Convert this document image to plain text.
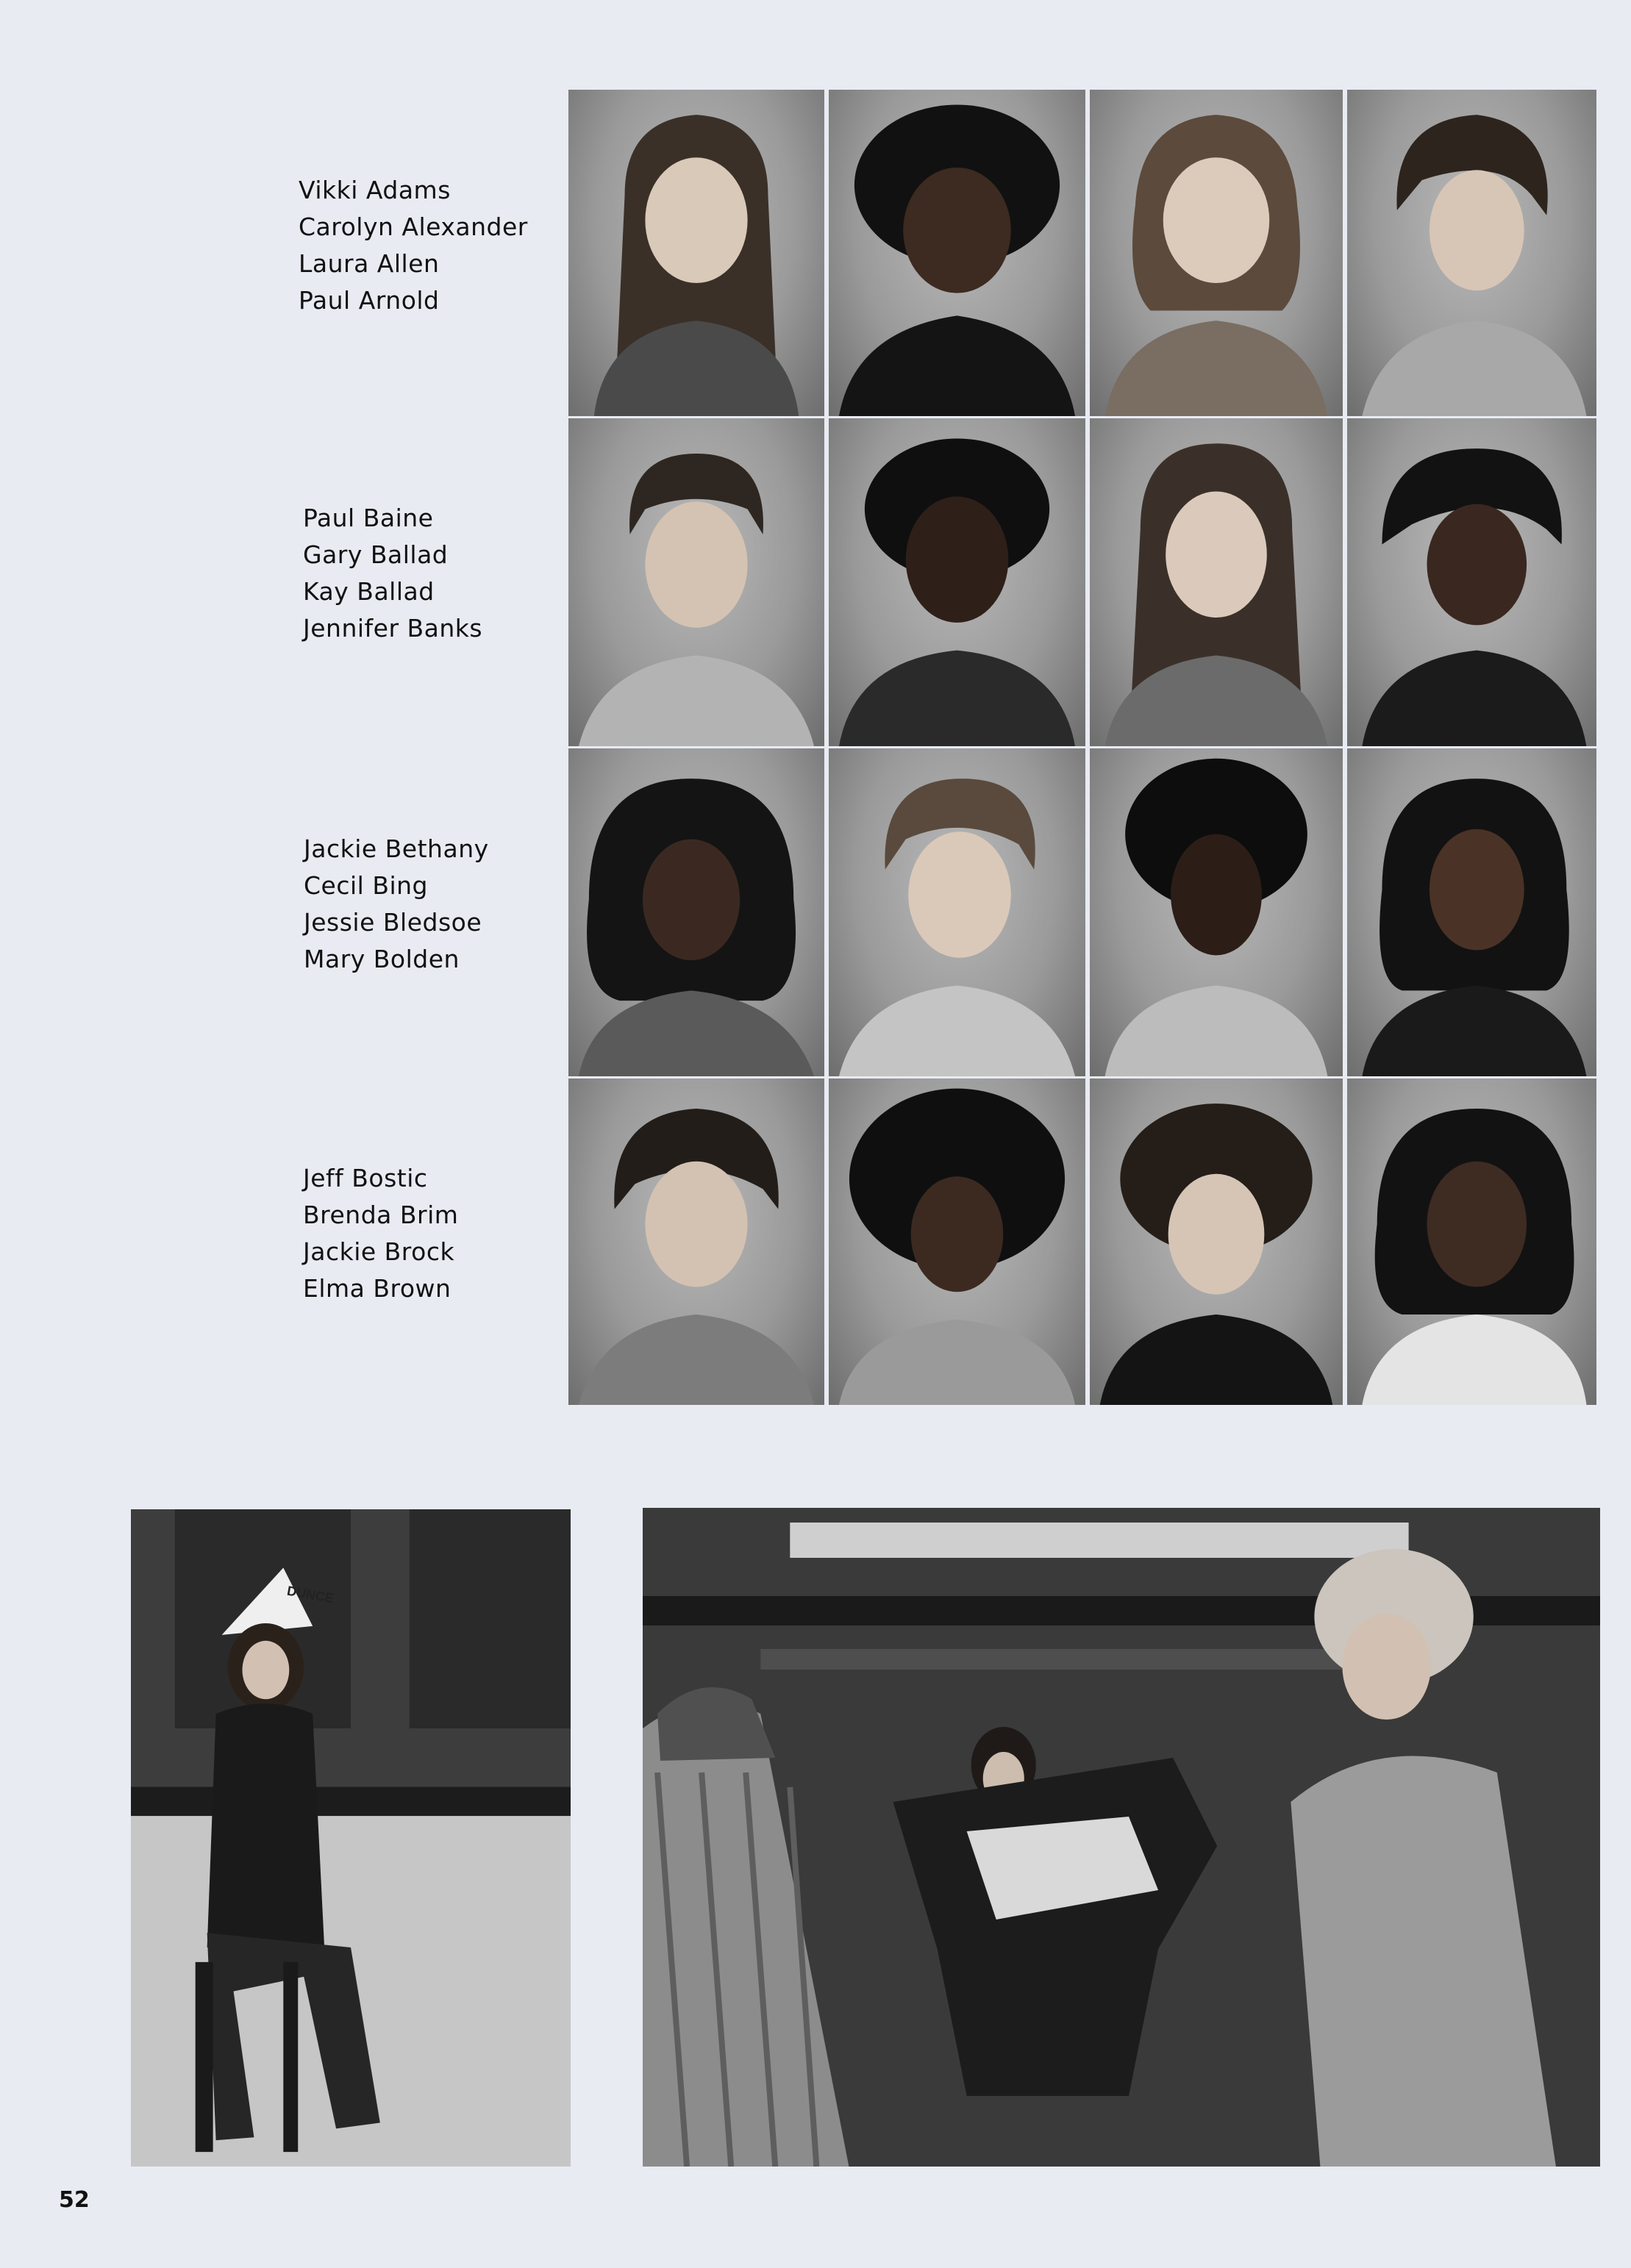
Vikki Adams
Carolyn Alexander
Laura Allen
Paul Arnold
Paul Baine
Gary Ballad
Kay Ballad
Jennifer Banks
Jackie Bethany
Cecil Bing
Jessie Bledsoe
Mary Bolden
Jeff Bostic
Brenda Brim
Jackie Brock
Elma Brown
DUNCE
52
